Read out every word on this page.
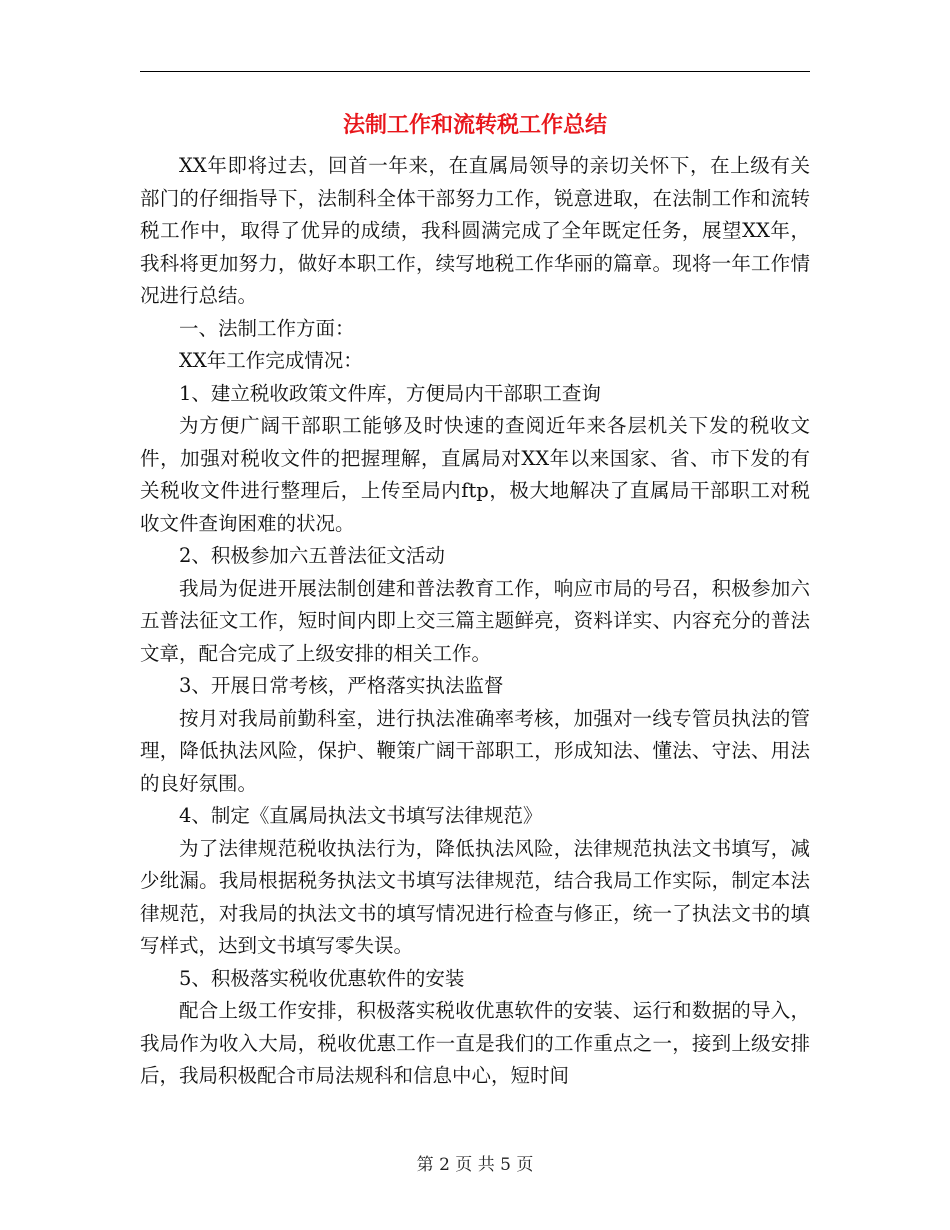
法制工作和流转税工作总结

XX年即将过去，回首一年来，在直属局领导的亲切关怀下，在上级有关部门的仔细指导下，法制科全体干部努力工作，锐意进取，在法制工作和流转税工作中，取得了优异的成绩，我科圆满完成了全年既定任务，展望XX年，我科将更加努力，做好本职工作，续写地税工作华丽的篇章。现将一年工作情况进行总结。

一、法制工作方面：

XX年工作完成情况：

1、建立税收政策文件库，方便局内干部职工查询

为方便广阔干部职工能够及时快速的查阅近年来各层机关下发的税收文件，加强对税收文件的把握理解，直属局对XX年以来国家、省、市下发的有关税收文件进行整理后，上传至局内ftp，极大地解决了直属局干部职工对税收文件查询困难的状况。

2、积极参加六五普法征文活动

我局为促进开展法制创建和普法教育工作，响应市局的号召，积极参加六五普法征文工作，短时间内即上交三篇主题鲜亮，资料详实、内容充分的普法文章，配合完成了上级安排的相关工作。

3、开展日常考核，严格落实执法监督

按月对我局前勤科室，进行执法准确率考核，加强对一线专管员执法的管理，降低执法风险，保护、鞭策广阔干部职工，形成知法、懂法、守法、用法的良好氛围。

4、制定《直属局执法文书填写法律规范》

为了法律规范税收执法行为，降低执法风险，法律规范执法文书填写，减少纰漏。我局根据税务执法文书填写法律规范，结合我局工作实际，制定本法律规范，对我局的执法文书的填写情况进行检查与修正，统一了执法文书的填写样式，达到文书填写零失误。

5、积极落实税收优惠软件的安装

配合上级工作安排，积极落实税收优惠软件的安装、运行和数据的导入，我局作为收入大局，税收优惠工作一直是我们的工作重点之一，接到上级安排后，我局积极配合市局法规科和信息中心，短时间

第 2 页 共 5 页
